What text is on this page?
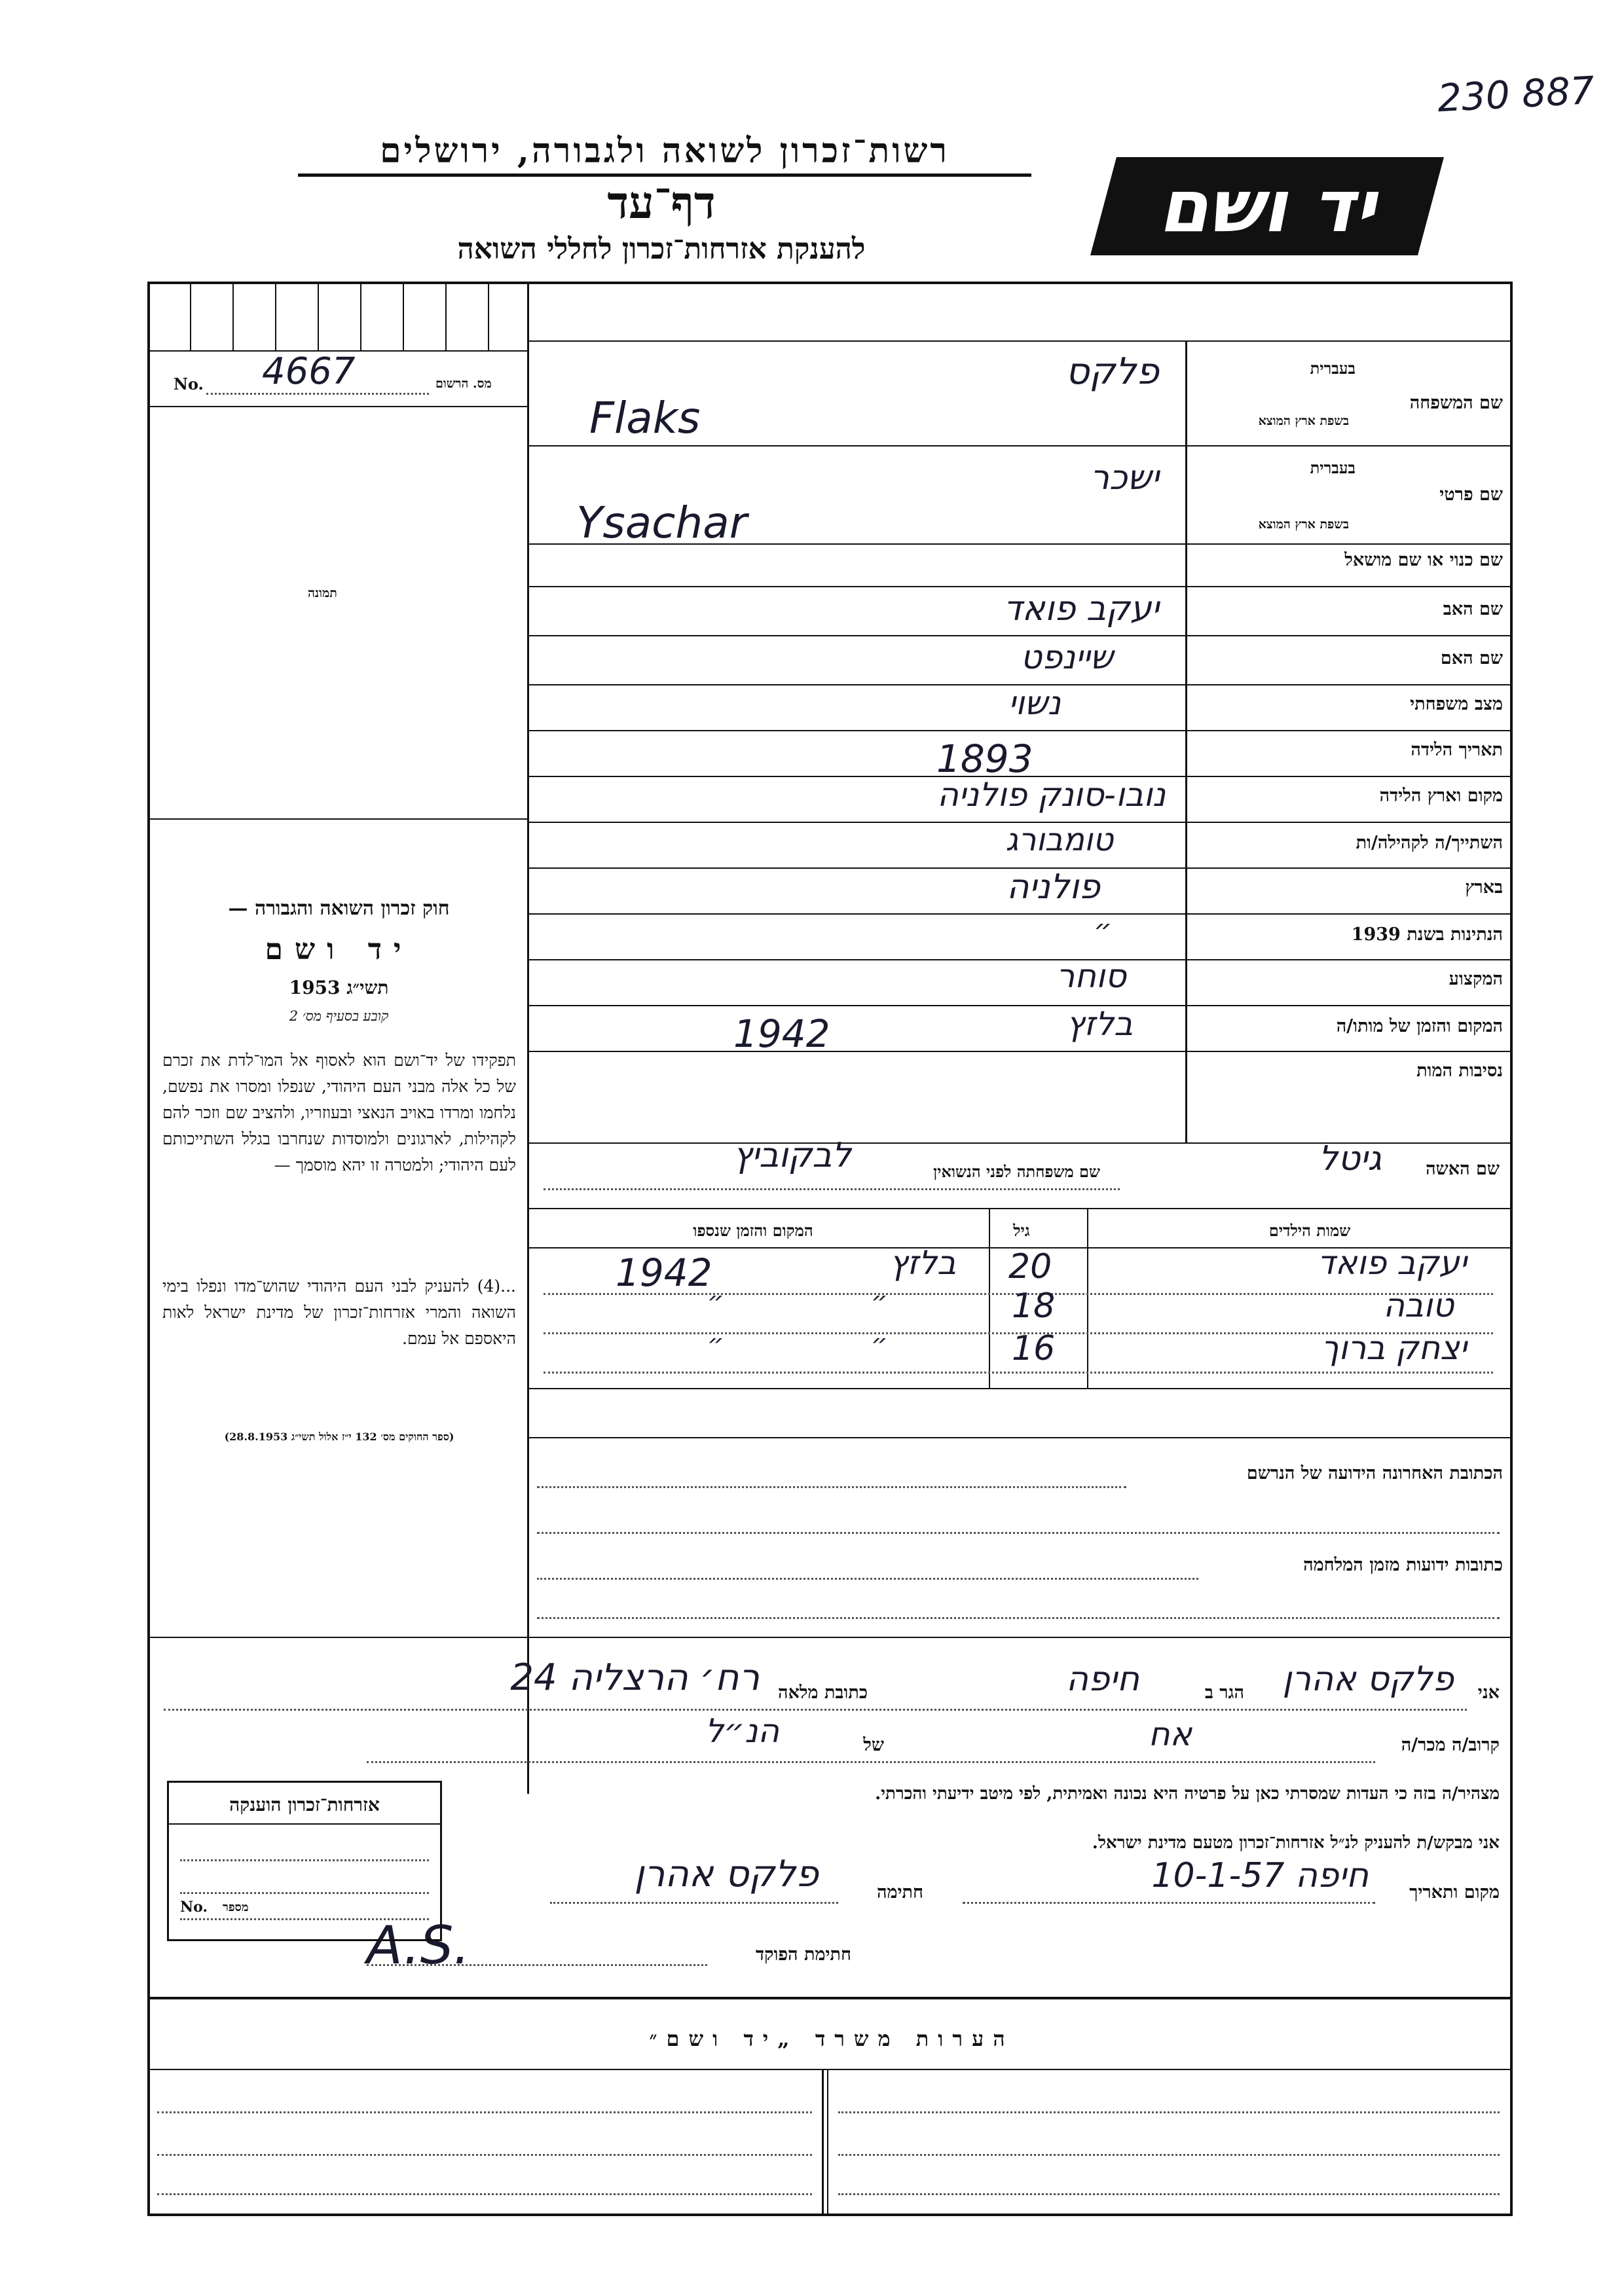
230 887
רשות־זכרון לשואה ולגבורה, ירושלים
דף־עד
להענקת אזרחות־זכרון לחללי השואה
יד ושם
No. 4667	מס. הרשום
תמונה
חוק זכרון השואה והגבורה —
יד ושם
תשי״ג 1953
קובע בסעיף מס׳ 2
תפקידו של יד־ושם הוא לאסוף אל המו־לדת את זכרם של כל אלה מבני העם היהודי, שנפלו ומסרו את נפשם, נלחמו ומרדו באויב הנאצי ובעוזריו, ולהציב שם וזכר להם לקהילות, לארגונים ולמוסדות שנחרבו בגלל השתייכותם לעם היהודי; ולמטרה זו יהא מוסמך —
...(4) להעניק לבני העם היהודי שהוש־מדו ונפלו בימי השואה והמרי אזרחות־זכרון של מדינת ישראל לאות היאספם אל עמם.
(ספר החוקים מס׳ 132 י״ז אלול תשי״ג 28.8.1953)
שם המשפחה
בעברית
בשפת ארץ המוצא
פלקס
Flaks
שם פרטי
בעברית
בשפת ארץ המוצא
ישכר
Ysachar
שם כנוי או שם מושאל
שם האב
יעקב פואד
שם האם
שיינפט
מצב משפחתי
נשוי
תאריך הלידה
1893
מקום וארץ הלידה
נובו-סונק פולניה
השתייך/ה לקהילה/ות
טומבורג
בארץ
פולניה
הנתינות בשנת 1939
״
המקצוע
סוחר
המקום והזמן של מותו/ה
בלזץ
1942
נסיבות המות
שם האשה
גיטל
שם משפחתה לפני הנשואין
לבקוביץ
שמות הילדים
גיל
המקום והזמן שנספו
יעקב פואד
20
בלזץ
1942
טובה
18
״
״
יצחק ברוך
16
״
״
הכתובת האחרונה הידועה של הנרשם
כתובות ידועות מזמן המלחמה
אני
פלקס אהרן
הגר ב
חיפה
כתובת מלאה
רח׳ הרצליה 24
קרוב/ה מכר/ה
אח
של
הנ״ל
מצהיר/ה בזה כי העדות שמסרתי כאן על פרטיה היא נכונה ואמיתית, לפי מיטב ידיעתי והכרתי.
אני מבקש/ת להעניק לנ״ל אזרחות־זכרון מטעם מדינת ישראל.
מקום ותאריך
חיפה 10-1-57
חתימה
פלקס אהרן
חתימת הפוקד
A.S.
אזרחות־זכרון הוענקה
No. מספר
הערות משרד „יד ושם״
